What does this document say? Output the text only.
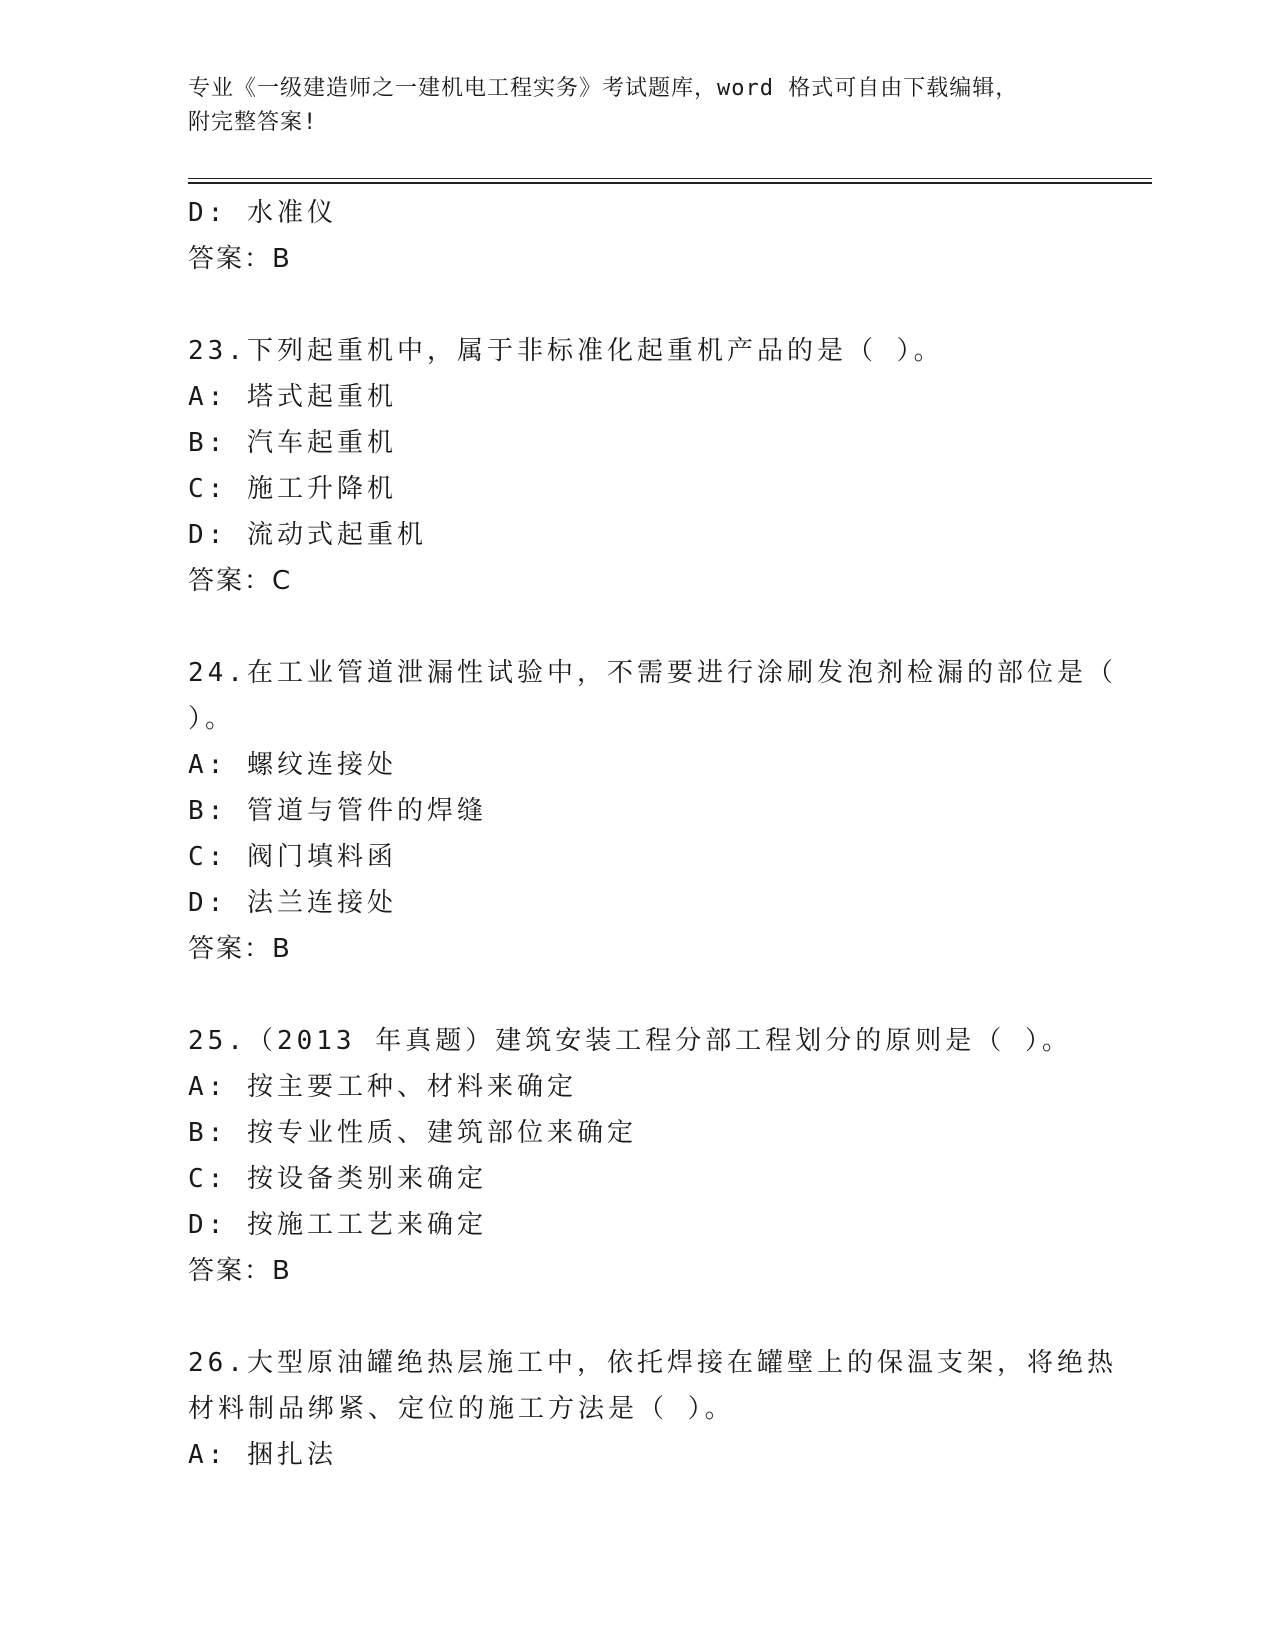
专业《一级建造师之一建机电工程实务》考试题库，word 格式可自由下载编辑，
附完整答案!
D: 水准仪
答案：B
23.下列起重机中，属于非标准化起重机产品的是（ ）。
A: 塔式起重机
B: 汽车起重机
C: 施工升降机
D: 流动式起重机
答案：C
24.在工业管道泄漏性试验中，不需要进行涂刷发泡剂检漏的部位是（
）。
A: 螺纹连接处
B: 管道与管件的焊缝
C: 阀门填料函
D: 法兰连接处
答案：B
25.（2013 年真题）建筑安装工程分部工程划分的原则是（ ）。
A: 按主要工种、材料来确定
B: 按专业性质、建筑部位来确定
C: 按设备类别来确定
D: 按施工工艺来确定
答案：B
26.大型原油罐绝热层施工中，依托焊接在罐壁上的保温支架，将绝热
材料制品绑紧、定位的施工方法是（ ）。
A: 捆扎法
